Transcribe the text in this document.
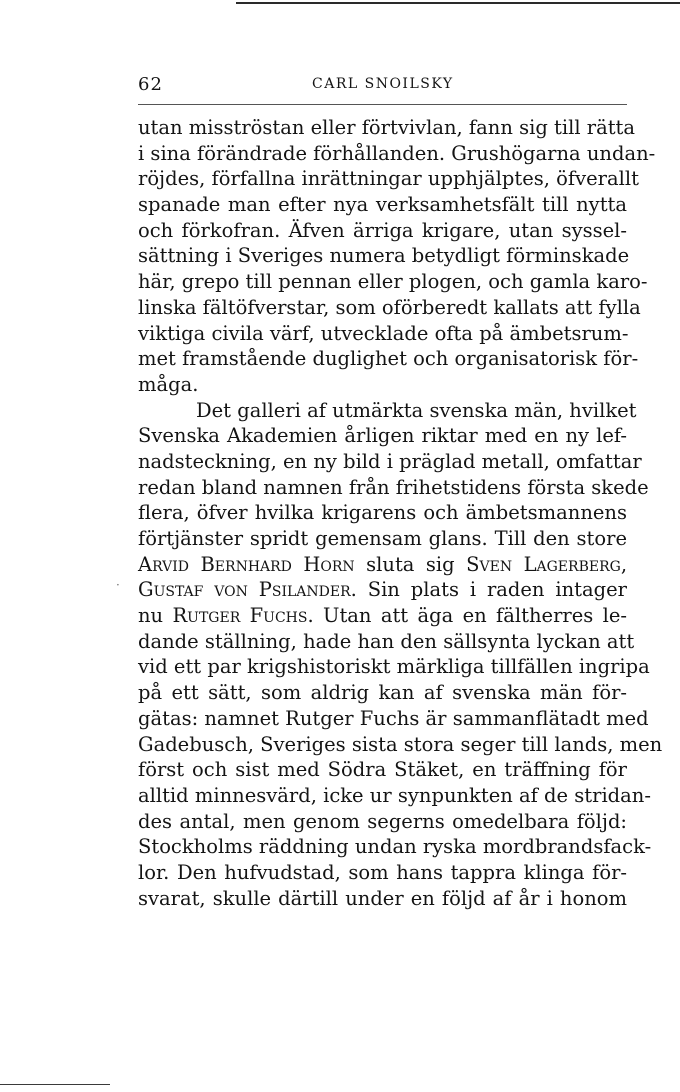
62	CARL SNOILSKY
·
utan misströstan eller förtvivlan, fann sig till rätta
i sina förändrade förhållanden. Grushögarna undan-
röjdes, förfallna inrättningar upphjälptes, öfverallt
spanade man efter nya verksamhetsfält till nytta
och förkofran. Äfven ärriga krigare, utan syssel-
sättning i Sveriges numera betydligt förminskade
här, grepo till pennan eller plogen, och gamla karo-
linska fältöfverstar, som oförberedt kallats att fylla
viktiga civila värf, utvecklade ofta på ämbetsrum-
met framstående duglighet och organisatorisk för-
måga.
Det galleri af utmärkta svenska män, hvilket
Svenska Akademien årligen riktar med en ny lef-
nadsteckning, en ny bild i präglad metall, omfattar
redan bland namnen från frihetstidens första skede
flera, öfver hvilka krigarens och ämbetsmannens
förtjänster spridt gemensam glans. Till den store
Arvid Bernhard Horn sluta sig Sven Lagerberg,
Gustaf von Psilander. Sin plats i raden intager
nu Rutger Fuchs. Utan att äga en fältherres le-
dande ställning, hade han den sällsynta lyckan att
vid ett par krigshistoriskt märkliga tillfällen ingripa
på ett sätt, som aldrig kan af svenska män för-
gätas: namnet Rutger Fuchs är sammanflätadt med
Gadebusch, Sveriges sista stora seger till lands, men
först och sist med Södra Stäket, en träffning för
alltid minnesvärd, icke ur synpunkten af de stridan-
des antal, men genom segerns omedelbara följd:
Stockholms räddning undan ryska mordbrandsfack-
lor. Den hufvudstad, som hans tappra klinga för-
svarat, skulle därtill under en följd af år i honom
